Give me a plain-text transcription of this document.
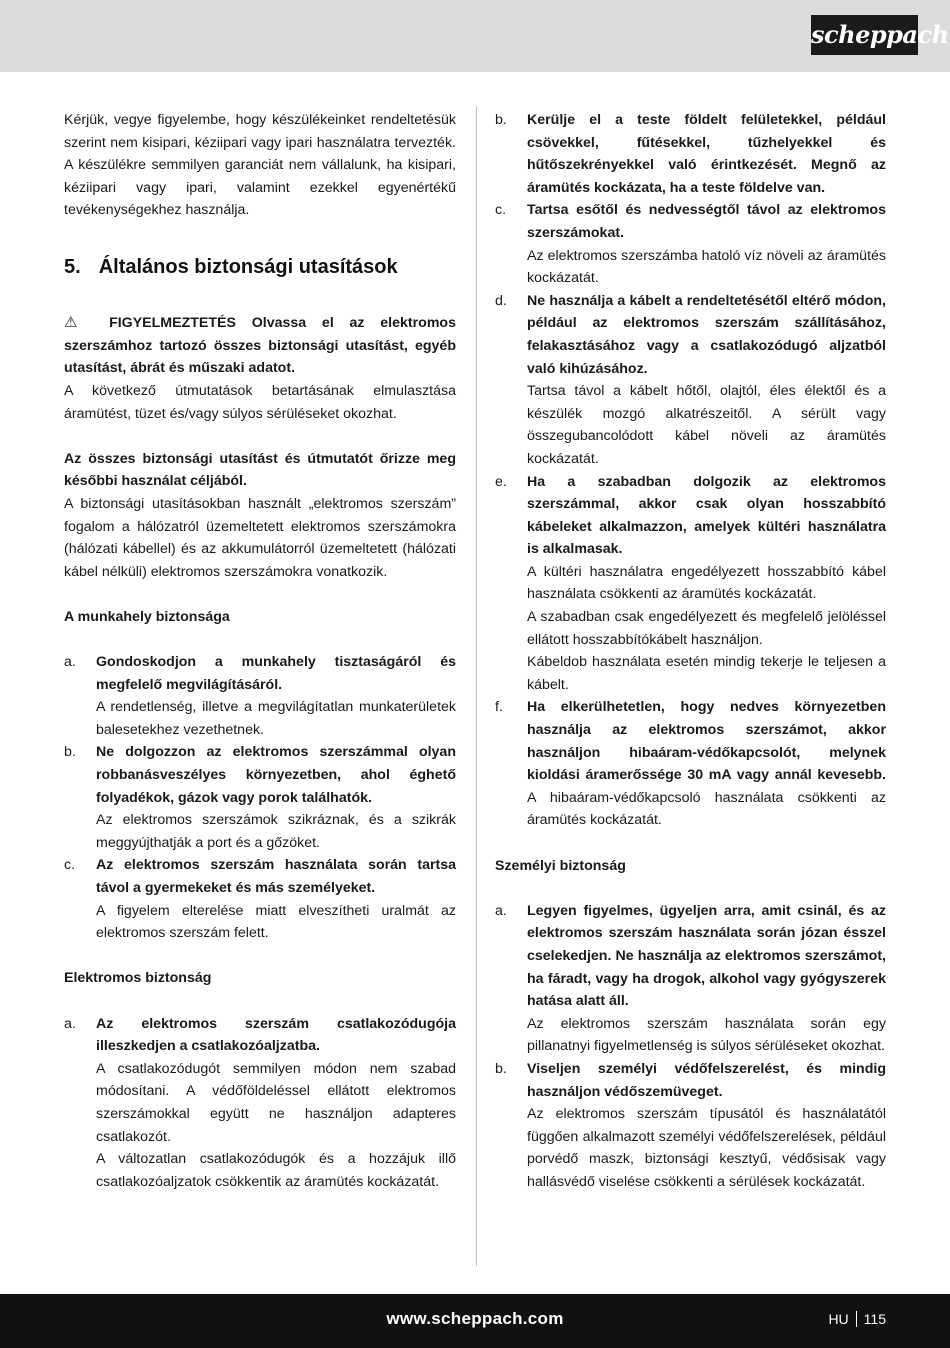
scheppach

Kérjük, vegye figyelembe, hogy készülékeinket rendeltetésük szerint nem kisipari, kéziipari vagy ipari használatra tervezték. A készülékre semmilyen garanciát nem vállalunk, ha kisipari, kéziipari vagy ipari, valamint ezekkel egyenértékű tevékenységekhez használja.

5. Általános biztonsági utasítások

⚠ FIGYELMEZTETÉS Olvassa el az elektromos szerszámhoz tartozó összes biztonsági utasítást, egyéb utasítást, ábrát és műszaki adatot.

A következő útmutatások betartásának elmulasztása áramütést, tüzet és/vagy súlyos sérüléseket okozhat.

Az összes biztonsági utasítást és útmutatót őrizze meg későbbi használat céljából.

A biztonsági utasításokban használt „elektromos szerszám” fogalom a hálózatról üzemeltetett elektromos szerszámokra (hálózati kábellel) és az akkumulátorról üzemeltetett (hálózati kábel nélküli) elektromos szerszámokra vonatkozik.

A munkahely biztonsága

a.	Gondoskodjon a munkahely tisztaságáról és megfelelő megvilágításáról.

A rendetlenség, illetve a megvilágítatlan munkaterületek balesetekhez vezethetnek.

b.	Ne dolgozzon az elektromos szerszámmal olyan robbanásveszélyes környezetben, ahol éghető folyadékok, gázok vagy porok találhatók.

Az elektromos szerszámok szikráznak, és a szikrák meggyújthatják a port és a gőzöket.

c.	Az elektromos szerszám használata során tartsa távol a gyermekeket és más személyeket.

A figyelem elterelése miatt elveszítheti uralmát az elektromos szerszám felett.

Elektromos biztonság

a.	Az elektromos szerszám csatlakozódugója illeszkedjen a csatlakozóaljzatba.

A csatlakozódugót semmilyen módon nem szabad módosítani. A védőföldeléssel ellátott elektromos szerszámokkal együtt ne használjon adapteres csatlakozót.

A változatlan csatlakozódugók és a hozzájuk illő csatlakozóaljzatok csökkentik az áramütés kockázatát.

b.	Kerülje el a teste földelt felületekkel, például csövekkel, fűtésekkel, tűzhelyekkel és hűtőszekrényekkel való érintkezését. Megnő az áramütés kockázata, ha a teste földelve van.

c.	Tartsa esőtől és nedvességtől távol az elektromos szerszámokat.

Az elektromos szerszámba hatoló víz növeli az áramütés kockázatát.

d.	Ne használja a kábelt a rendeltetésétől eltérő módon, például az elektromos szerszám szállításához, felakasztásához vagy a csatlakozódugó aljzatból való kihúzásához.

Tartsa távol a kábelt hőtől, olajtól, éles élektől és a készülék mozgó alkatrészeitől. A sérült vagy összegubancolódott kábel növeli az áramütés kockázatát.

e.	Ha a szabadban dolgozik az elektromos szerszámmal, akkor csak olyan hosszabbító kábeleket alkalmazzon, amelyek kültéri használatra is alkalmasak.

A kültéri használatra engedélyezett hosszabbító kábel használata csökkenti az áramütés kockázatát.

A szabadban csak engedélyezett és megfelelő jelöléssel ellátott hosszabbítókábelt használjon.

Kábeldob használata esetén mindig tekerje le teljesen a kábelt.

f.	Ha elkerülhetetlen, hogy nedves környezetben használja az elektromos szerszámot, akkor használjon hibaáram-védőkapcsolót, melynek kioldási áramerőssége 30 mA vagy annál kevesebb. A hibaáram-védőkapcsoló használata csökkenti az áramütés kockázatát.

Személyi biztonság

a.	Legyen figyelmes, ügyeljen arra, amit csinál, és az elektromos szerszám használata során józan ésszel cselekedjen. Ne használja az elektromos szerszámot, ha fáradt, vagy ha drogok, alkohol vagy gyógyszerek hatása alatt áll.

Az elektromos szerszám használata során egy pillanatnyi figyelmetlenség is súlyos sérüléseket okozhat.

b.	Viseljen személyi védőfelszerelést, és mindig használjon védőszemüveget.

Az elektromos szerszám típusától és használatától függően alkalmazott személyi védőfelszerelések, például porvédő maszk, biztonsági kesztyű, védősisak vagy hallásvédő viselése csökkenti a sérülések kockázatát.

www.scheppach.com	HU 115
